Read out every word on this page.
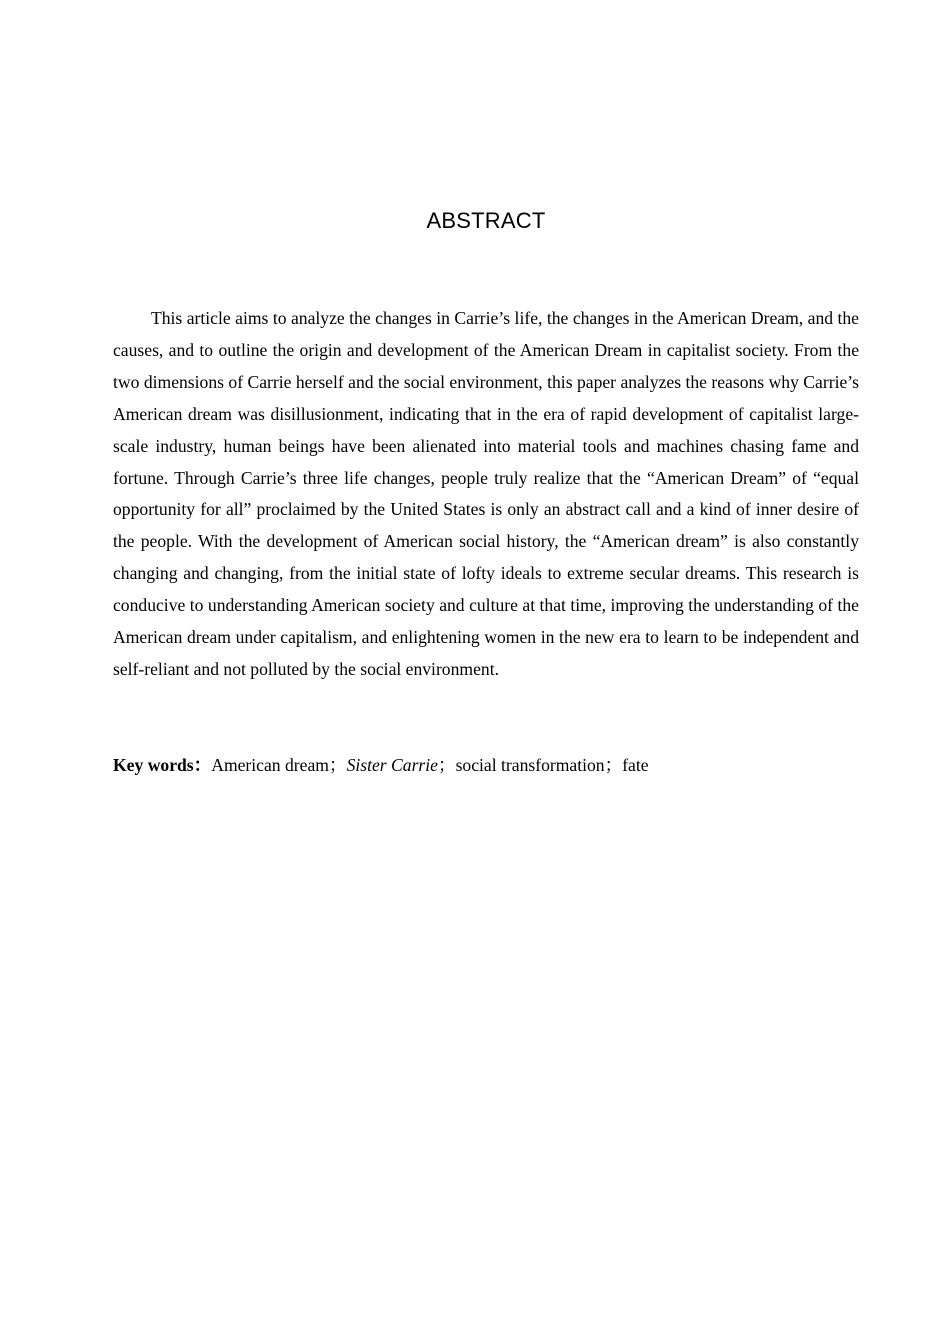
ABSTRACT

This article aims to analyze the changes in Carrie’s life, the changes in the American Dream, and the causes, and to outline the origin and development of the American Dream in capitalist society. From the two dimensions of Carrie herself and the social environment, this paper analyzes the reasons why Carrie’s American dream was disillusionment, indicating that in the era of rapid development of capitalist large-scale industry, human beings have been alienated into material tools and machines chasing fame and fortune. Through Carrie’s three life changes, people truly realize that the “American Dream” of “equal opportunity for all” proclaimed by the United States is only an abstract call and a kind of inner desire of the people. With the development of American social history, the “American dream” is also constantly changing and changing, from the initial state of lofty ideals to extreme secular dreams. This research is conducive to understanding American society and culture at that time, improving the understanding of the American dream under capitalism, and enlightening women in the new era to learn to be independent and self-reliant and not polluted by the social environment.

Key words：American dream；Sister Carrie；social transformation；fate
